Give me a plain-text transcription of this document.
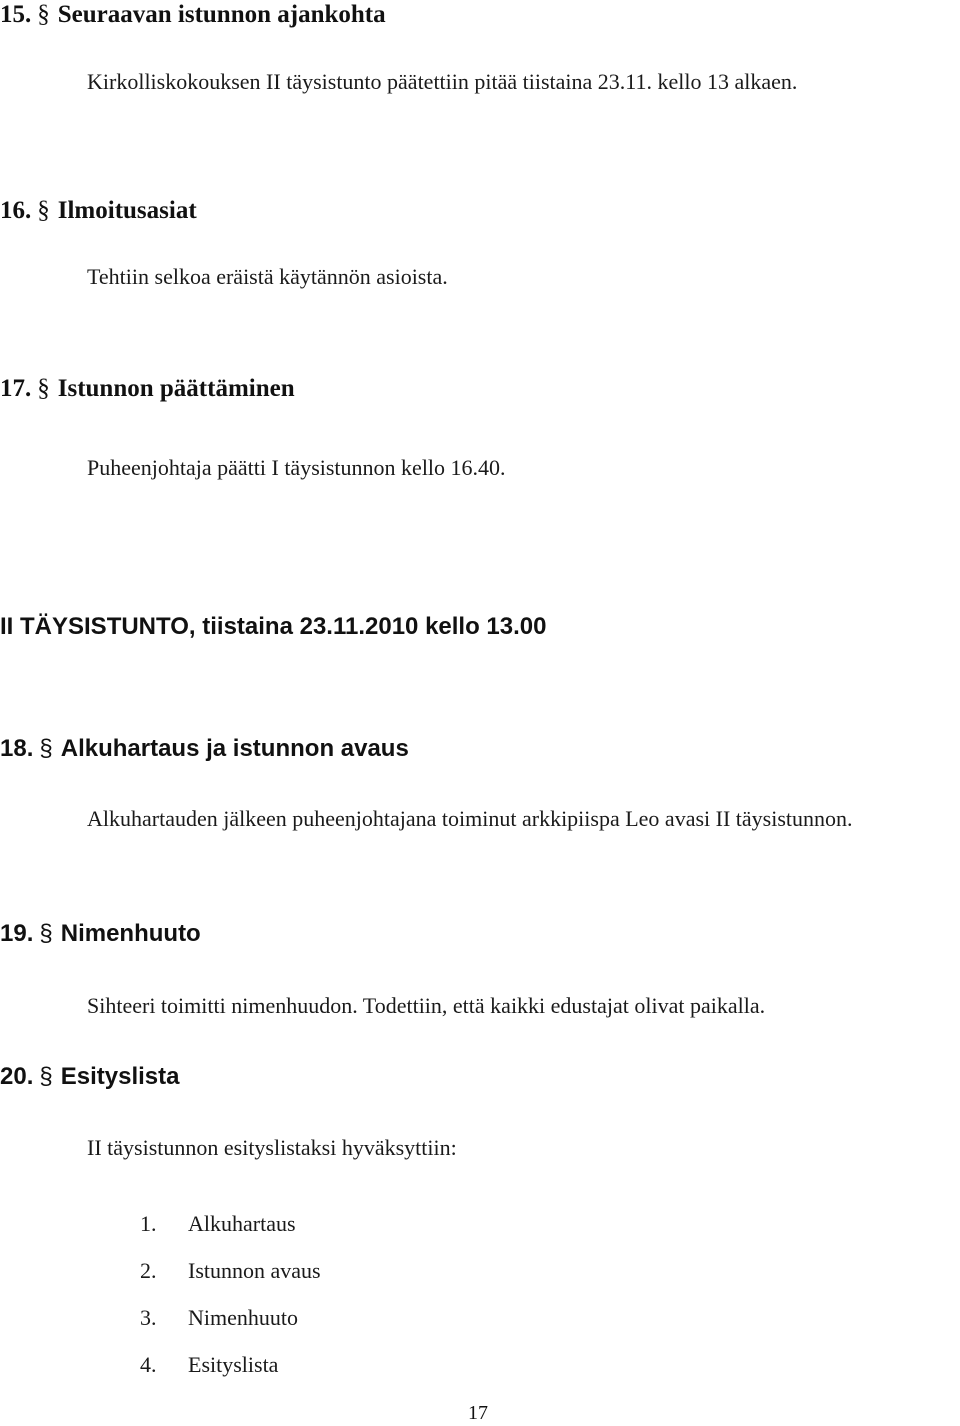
15. § Seuraavan istunnon ajankohta

Kirkolliskokouksen II täysistunto päätettiin pitää tiistaina 23.11. kello 13 alkaen.

16. § Ilmoitusasiat

Tehtiin selkoa eräistä käytännön asioista.

17. § Istunnon päättäminen

Puheenjohtaja päätti I täysistunnon kello 16.40.

II TÄYSISTUNTO, tiistaina 23.11.2010 kello 13.00
18. § Alkuhartaus ja istunnon avaus

Alkuhartauden jälkeen puheenjohtajana toiminut arkkipiispa Leo avasi II täysistunnon.

19. § Nimenhuuto

Sihteeri toimitti nimenhuudon. Todettiin, että kaikki edustajat olivat paikalla.

20. § Esityslista

II täysistunnon esityslistaksi hyväksyttiin:

1. Alkuhartaus
2. Istunnon avaus
3. Nimenhuuto
4. Esityslista

17
